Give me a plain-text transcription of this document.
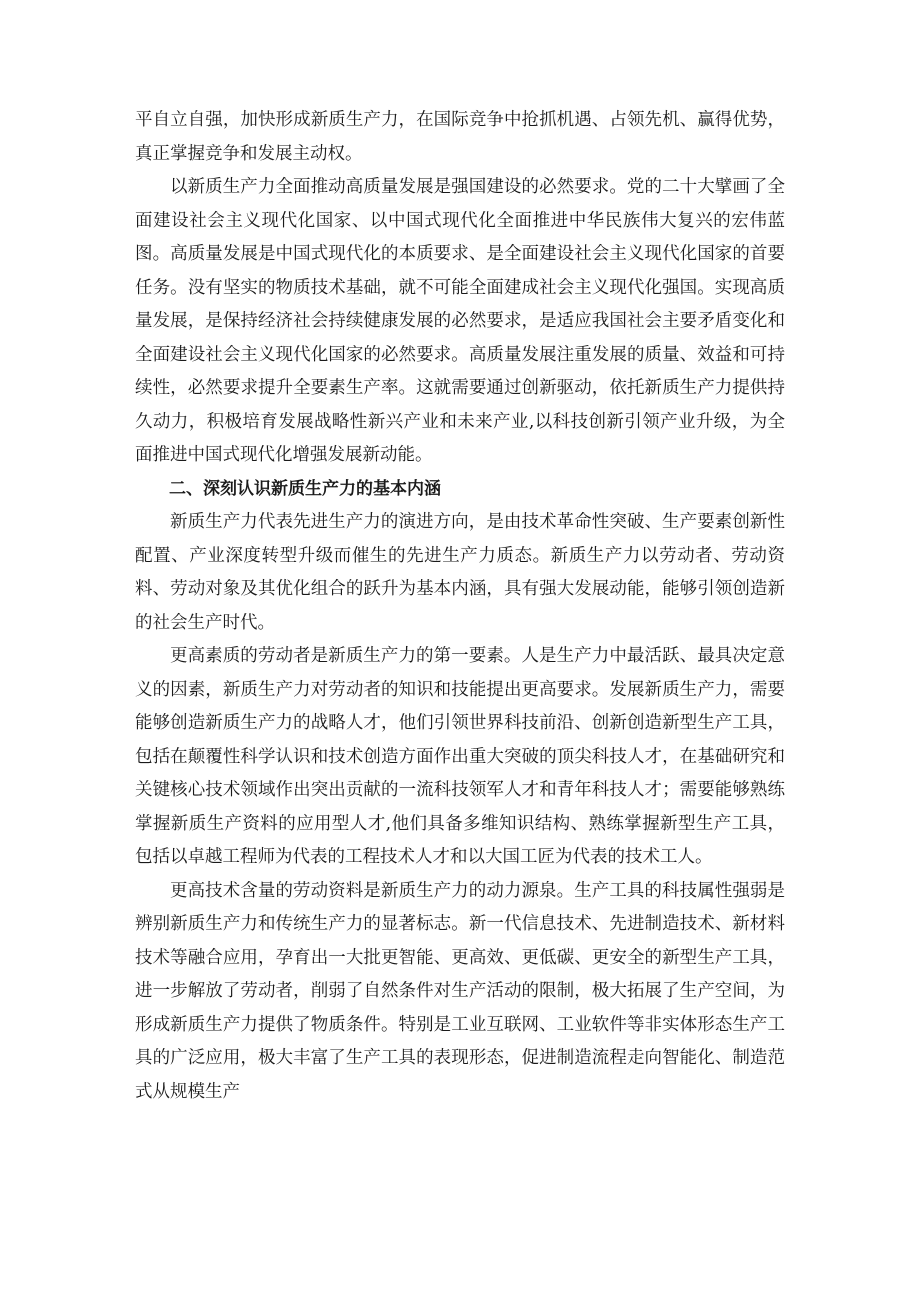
平自立自强，加快形成新质生产力，在国际竞争中抢抓机遇、占领先机、赢得优势，真正掌握竞争和发展主动权。

以新质生产力全面推动高质量发展是强国建设的必然要求。党的二十大擘画了全面建设社会主义现代化国家、以中国式现代化全面推进中华民族伟大复兴的宏伟蓝图。高质量发展是中国式现代化的本质要求、是全面建设社会主义现代化国家的首要任务。没有坚实的物质技术基础，就不可能全面建成社会主义现代化强国。实现高质量发展，是保持经济社会持续健康发展的必然要求，是适应我国社会主要矛盾变化和全面建设社会主义现代化国家的必然要求。高质量发展注重发展的质量、效益和可持续性，必然要求提升全要素生产率。这就需要通过创新驱动，依托新质生产力提供持久动力，积极培育发展战略性新兴产业和未来产业,以科技创新引领产业升级，为全面推进中国式现代化增强发展新动能。

二、深刻认识新质生产力的基本内涵

新质生产力代表先进生产力的演进方向，是由技术革命性突破、生产要素创新性配置、产业深度转型升级而催生的先进生产力质态。新质生产力以劳动者、劳动资料、劳动对象及其优化组合的跃升为基本内涵，具有强大发展动能，能够引领创造新的社会生产时代。

更高素质的劳动者是新质生产力的第一要素。人是生产力中最活跃、最具决定意义的因素，新质生产力对劳动者的知识和技能提出更高要求。发展新质生产力，需要能够创造新质生产力的战略人才，他们引领世界科技前沿、创新创造新型生产工具，包括在颠覆性科学认识和技术创造方面作出重大突破的顶尖科技人才，在基础研究和关键核心技术领域作出突出贡献的一流科技领军人才和青年科技人才；需要能够熟练掌握新质生产资料的应用型人才,他们具备多维知识结构、熟练掌握新型生产工具，包括以卓越工程师为代表的工程技术人才和以大国工匠为代表的技术工人。

更高技术含量的劳动资料是新质生产力的动力源泉。生产工具的科技属性强弱是辨别新质生产力和传统生产力的显著标志。新一代信息技术、先进制造技术、新材料技术等融合应用，孕育出一大批更智能、更高效、更低碳、更安全的新型生产工具，进一步解放了劳动者，削弱了自然条件对生产活动的限制，极大拓展了生产空间，为形成新质生产力提供了物质条件。特别是工业互联网、工业软件等非实体形态生产工具的广泛应用，极大丰富了生产工具的表现形态，促进制造流程走向智能化、制造范式从规模生产
